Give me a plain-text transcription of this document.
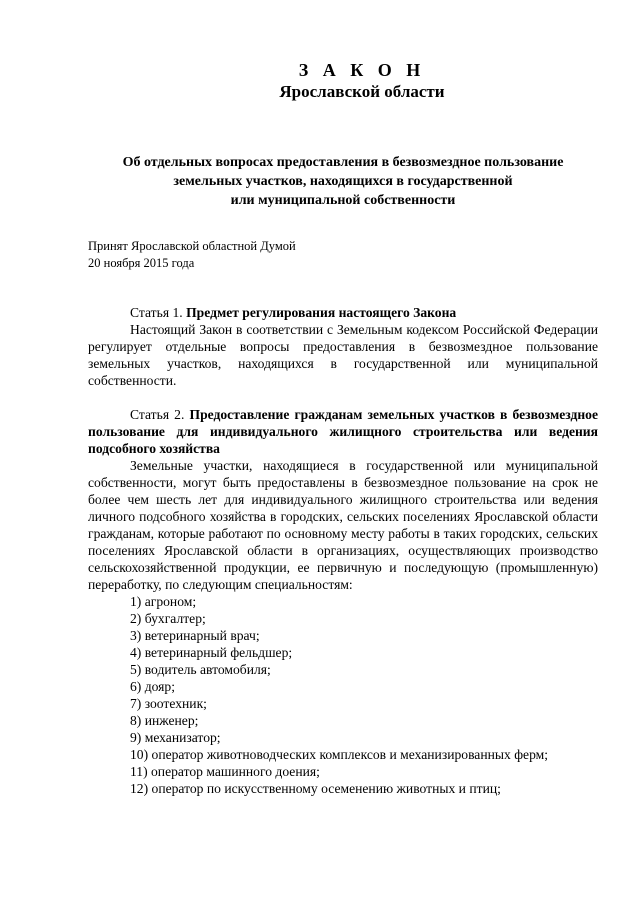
З А К О Н
Ярославской области
Об отдельных вопросах предоставления в безвозмездное пользование
земельных участков, находящихся в государственной
или муниципальной собственности
Принят Ярославской областной Думой
20 ноября 2015 года

Статья 1. Предмет регулирования настоящего Закона

Настоящий Закон в соответствии с Земельным кодексом Российской Федерации регулирует отдельные вопросы предоставления в безвозмездное пользование земельных участков, находящихся в государственной или муниципальной собственности.

Статья 2. Предоставление гражданам земельных участков в безвозмездное пользование для индивидуального жилищного строительства или ведения подсобного хозяйства

Земельные участки, находящиеся в государственной или муниципальной собственности, могут быть предоставлены в безвозмездное пользование на срок не более чем шесть лет для индивидуального жилищного строительства или ведения личного подсобного хозяйства в городских, сельских поселениях Ярославской области гражданам, которые работают по основному месту работы в таких городских, сельских поселениях Ярославской области в организациях, осуществляющих производство сельскохозяйственной продукции, ее первичную и последующую (промышленную) переработку, по следующим специальностям:

1) агроном;

2) бухгалтер;

3) ветеринарный врач;

4) ветеринарный фельдшер;

5) водитель автомобиля;

6) дояр;

7) зоотехник;

8) инженер;

9) механизатор;

10) оператор животноводческих комплексов и механизированных ферм;

11) оператор машинного доения;

12) оператор по искусственному осеменению животных и птиц;
